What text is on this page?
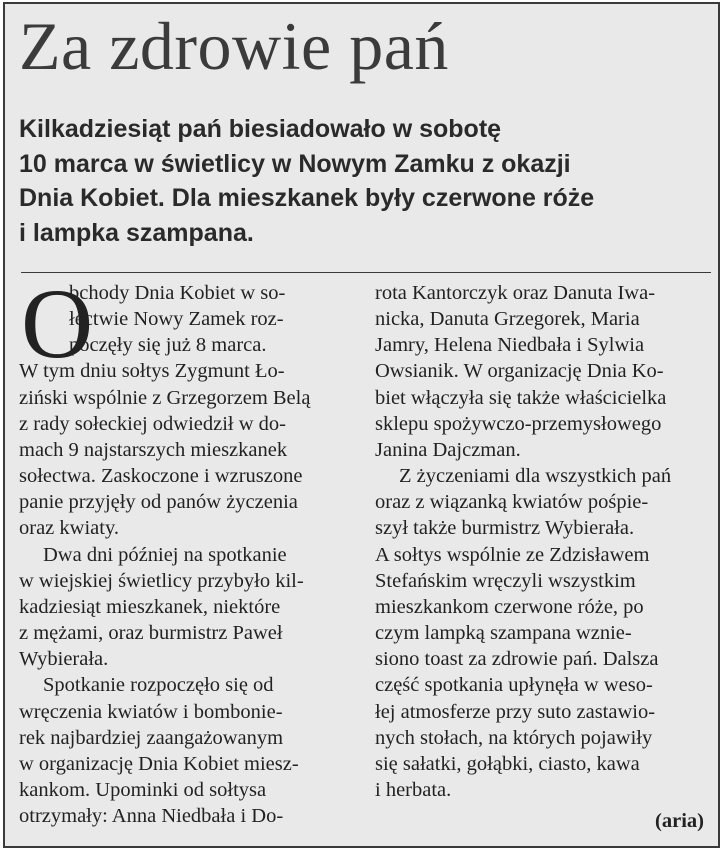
Za zdrowie pań
Kilkadziesiąt pań biesiadowało w sobotę
10 marca w świetlicy w Nowym Zamku z okazji
Dnia Kobiet. Dla mieszkanek były czerwone róże
i lampka szampana.
O
bchody Dnia Kobiet w so-
łectwie Nowy Zamek roz-
poczęły się już 8 marca.
W tym dniu sołtys Zygmunt Ło-
ziński wspólnie z Grzegorzem Belą
z rady sołeckiej odwiedził w do-
mach 9 najstarszych mieszkanek
sołectwa. Zaskoczone i wzruszone
panie przyjęły od panów życzenia
oraz kwiaty.
Dwa dni później na spotkanie
w wiejskiej świetlicy przybyło kil-
kadziesiąt mieszkanek, niektóre
z mężami, oraz burmistrz Paweł
Wybierała.
Spotkanie rozpoczęło się od
wręczenia kwiatów i bombonie-
rek najbardziej zaangażowanym
w organizację Dnia Kobiet miesz-
kankom. Upominki od sołtysa
otrzymały: Anna Niedbała i Do-
rota Kantorczyk oraz Danuta Iwa-
nicka, Danuta Grzegorek, Maria
Jamry, Helena Niedbała i Sylwia
Owsianik. W organizację Dnia Ko-
biet włączyła się także właścicielka
sklepu spożywczo-przemysłowego
Janina Dajczman.
Z życzeniami dla wszystkich pań
oraz z wiązanką kwiatów pośpie-
szył także burmistrz Wybierała.
A sołtys wspólnie ze Zdzisławem
Stefańskim wręczyli wszystkim
mieszkankom czerwone róże, po
czym lampką szampana wznie-
siono toast za zdrowie pań. Dalsza
część spotkania upłynęła w weso-
łej atmosferze przy suto zastawio-
nych stołach, na których pojawiły
się sałatki, gołąbki, ciasto, kawa
i herbata.
(aria)
